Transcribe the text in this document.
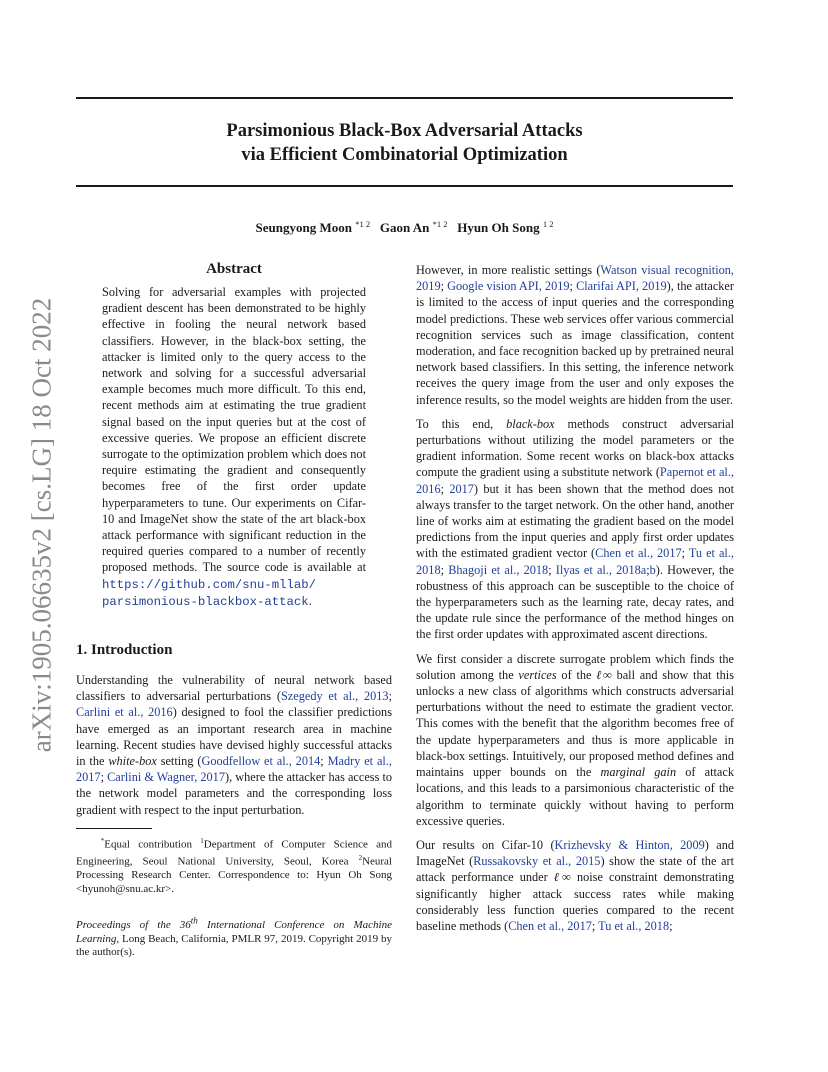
Parsimonious Black-Box Adversarial Attacks
via Efficient Combinatorial Optimization
Seungyong Moon $^{*1 2}$ Gaon An $^{*1 2}$ Hyun Oh Song $^{1 2}$
arXiv:1905.06635v2 [cs.LG] 18 Oct 2022
Abstract
Solving for adversarial examples with projected gradient descent has been demonstrated to be highly effective in fooling the neural network based classifiers. However, in the black-box setting, the attacker is limited only to the query access to the network and solving for a successful adversarial example becomes much more difficult. To this end, recent methods aim at estimating the true gradient signal based on the input queries but at the cost of excessive queries. We propose an efficient discrete surrogate to the optimization problem which does not require estimating the gradient and consequently becomes free of the first order update hyperparameters to tune. Our experiments on Cifar-10 and ImageNet show the state of the art black-box attack performance with significant reduction in the required queries compared to a number of recently proposed methods. The source code is available at https://github.com/snu-mllab/
parsimonious-blackbox-attack.
1. Introduction

Understanding the vulnerability of neural network based classifiers to adversarial perturbations (Szegedy et al., 2013; Carlini et al., 2016) designed to fool the classifier predictions have emerged as an important research area in machine learning. Recent studies have devised highly successful attacks in the white-box setting (Goodfellow et al., 2014; Madry et al., 2017; Carlini & Wagner, 2017), where the attacker has access to the network model parameters and the corresponding loss gradient with respect to the input perturbation.

*Equal contribution $^1$Department of Computer Science and Engineering, Seoul National University, Seoul, Korea $^2$Neural Processing Research Center. Correspondence to: Hyun Oh Song <hyunoh@snu.ac.kr>.

Proceedings of the 36th International Conference on Machine Learning, Long Beach, California, PMLR 97, 2019. Copyright 2019 by the author(s).

However, in more realistic settings (Watson visual recognition, 2019; Google vision API, 2019; Clarifai API, 2019), the attacker is limited to the access of input queries and the corresponding model predictions. These web services offer various commercial recognition services such as image classification, content moderation, and face recognition backed up by pretrained neural network based classifiers. In this setting, the inference network receives the query image from the user and only exposes the inference results, so the model weights are hidden from the user.

To this end, black-box methods construct adversarial perturbations without utilizing the model parameters or the gradient information. Some recent works on black-box attacks compute the gradient using a substitute network (Papernot et al., 2016; 2017) but it has been shown that the method does not always transfer to the target network. On the other hand, another line of works aim at estimating the gradient based on the model predictions from the input queries and apply first order updates with the estimated gradient vector (Chen et al., 2017; Tu et al., 2018; Bhagoji et al., 2018; Ilyas et al., 2018a;b). However, the robustness of this approach can be susceptible to the choice of the hyperparameters such as the learning rate, decay rates, and the update rule since the performance of the method hinges on the first order updates with approximated ascent directions.

We first consider a discrete surrogate problem which finds the solution among the vertices of the ℓ∞ ball and show that this unlocks a new class of algorithms which constructs adversarial perturbations without the need to estimate the gradient vector. This comes with the benefit that the algorithm becomes free of the update hyperparameters and thus is more applicable in black-box settings. Intuitively, our proposed method defines and maintains upper bounds on the marginal gain of attack locations, and this leads to a parsimonious characteristic of the algorithm to terminate quickly without having to perform excessive queries.

Our results on Cifar-10 (Krizhevsky & Hinton, 2009) and ImageNet (Russakovsky et al., 2015) show the state of the art attack performance under ℓ∞ noise constraint demonstrating significantly higher attack success rates while making considerably less function queries compared to the recent baseline methods (Chen et al., 2017; Tu et al., 2018;
